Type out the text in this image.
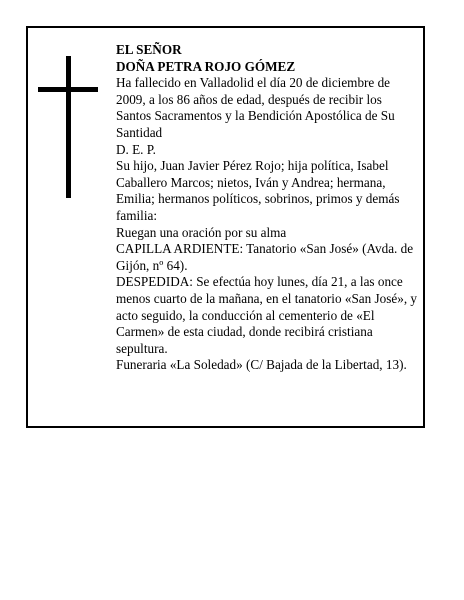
EL SEÑOR
DOÑA PETRA ROJO GÓMEZ
Ha fallecido en Valladolid el día 20 de diciembre de
2009, a los 86 años de edad, después de recibir los
Santos Sacramentos y la Bendición Apostólica de Su
Santidad
D. E. P.
Su hijo, Juan Javier Pérez Rojo; hija política, Isabel
Caballero Marcos; nietos, Iván y Andrea; hermana,
Emilia; hermanos políticos, sobrinos, primos y demás
familia:
Ruegan una oración por su alma
CAPILLA ARDIENTE: Tanatorio «San José» (Avda. de
Gijón, nº 64).
DESPEDIDA: Se efectúa hoy lunes, día 21, a las once
menos cuarto de la mañana, en el tanatorio «San José», y
acto seguido, la conducción al cementerio de «El
Carmen» de esta ciudad, donde recibirá cristiana
sepultura.
Funeraria «La Soledad» (C/ Bajada de la Libertad, 13).
